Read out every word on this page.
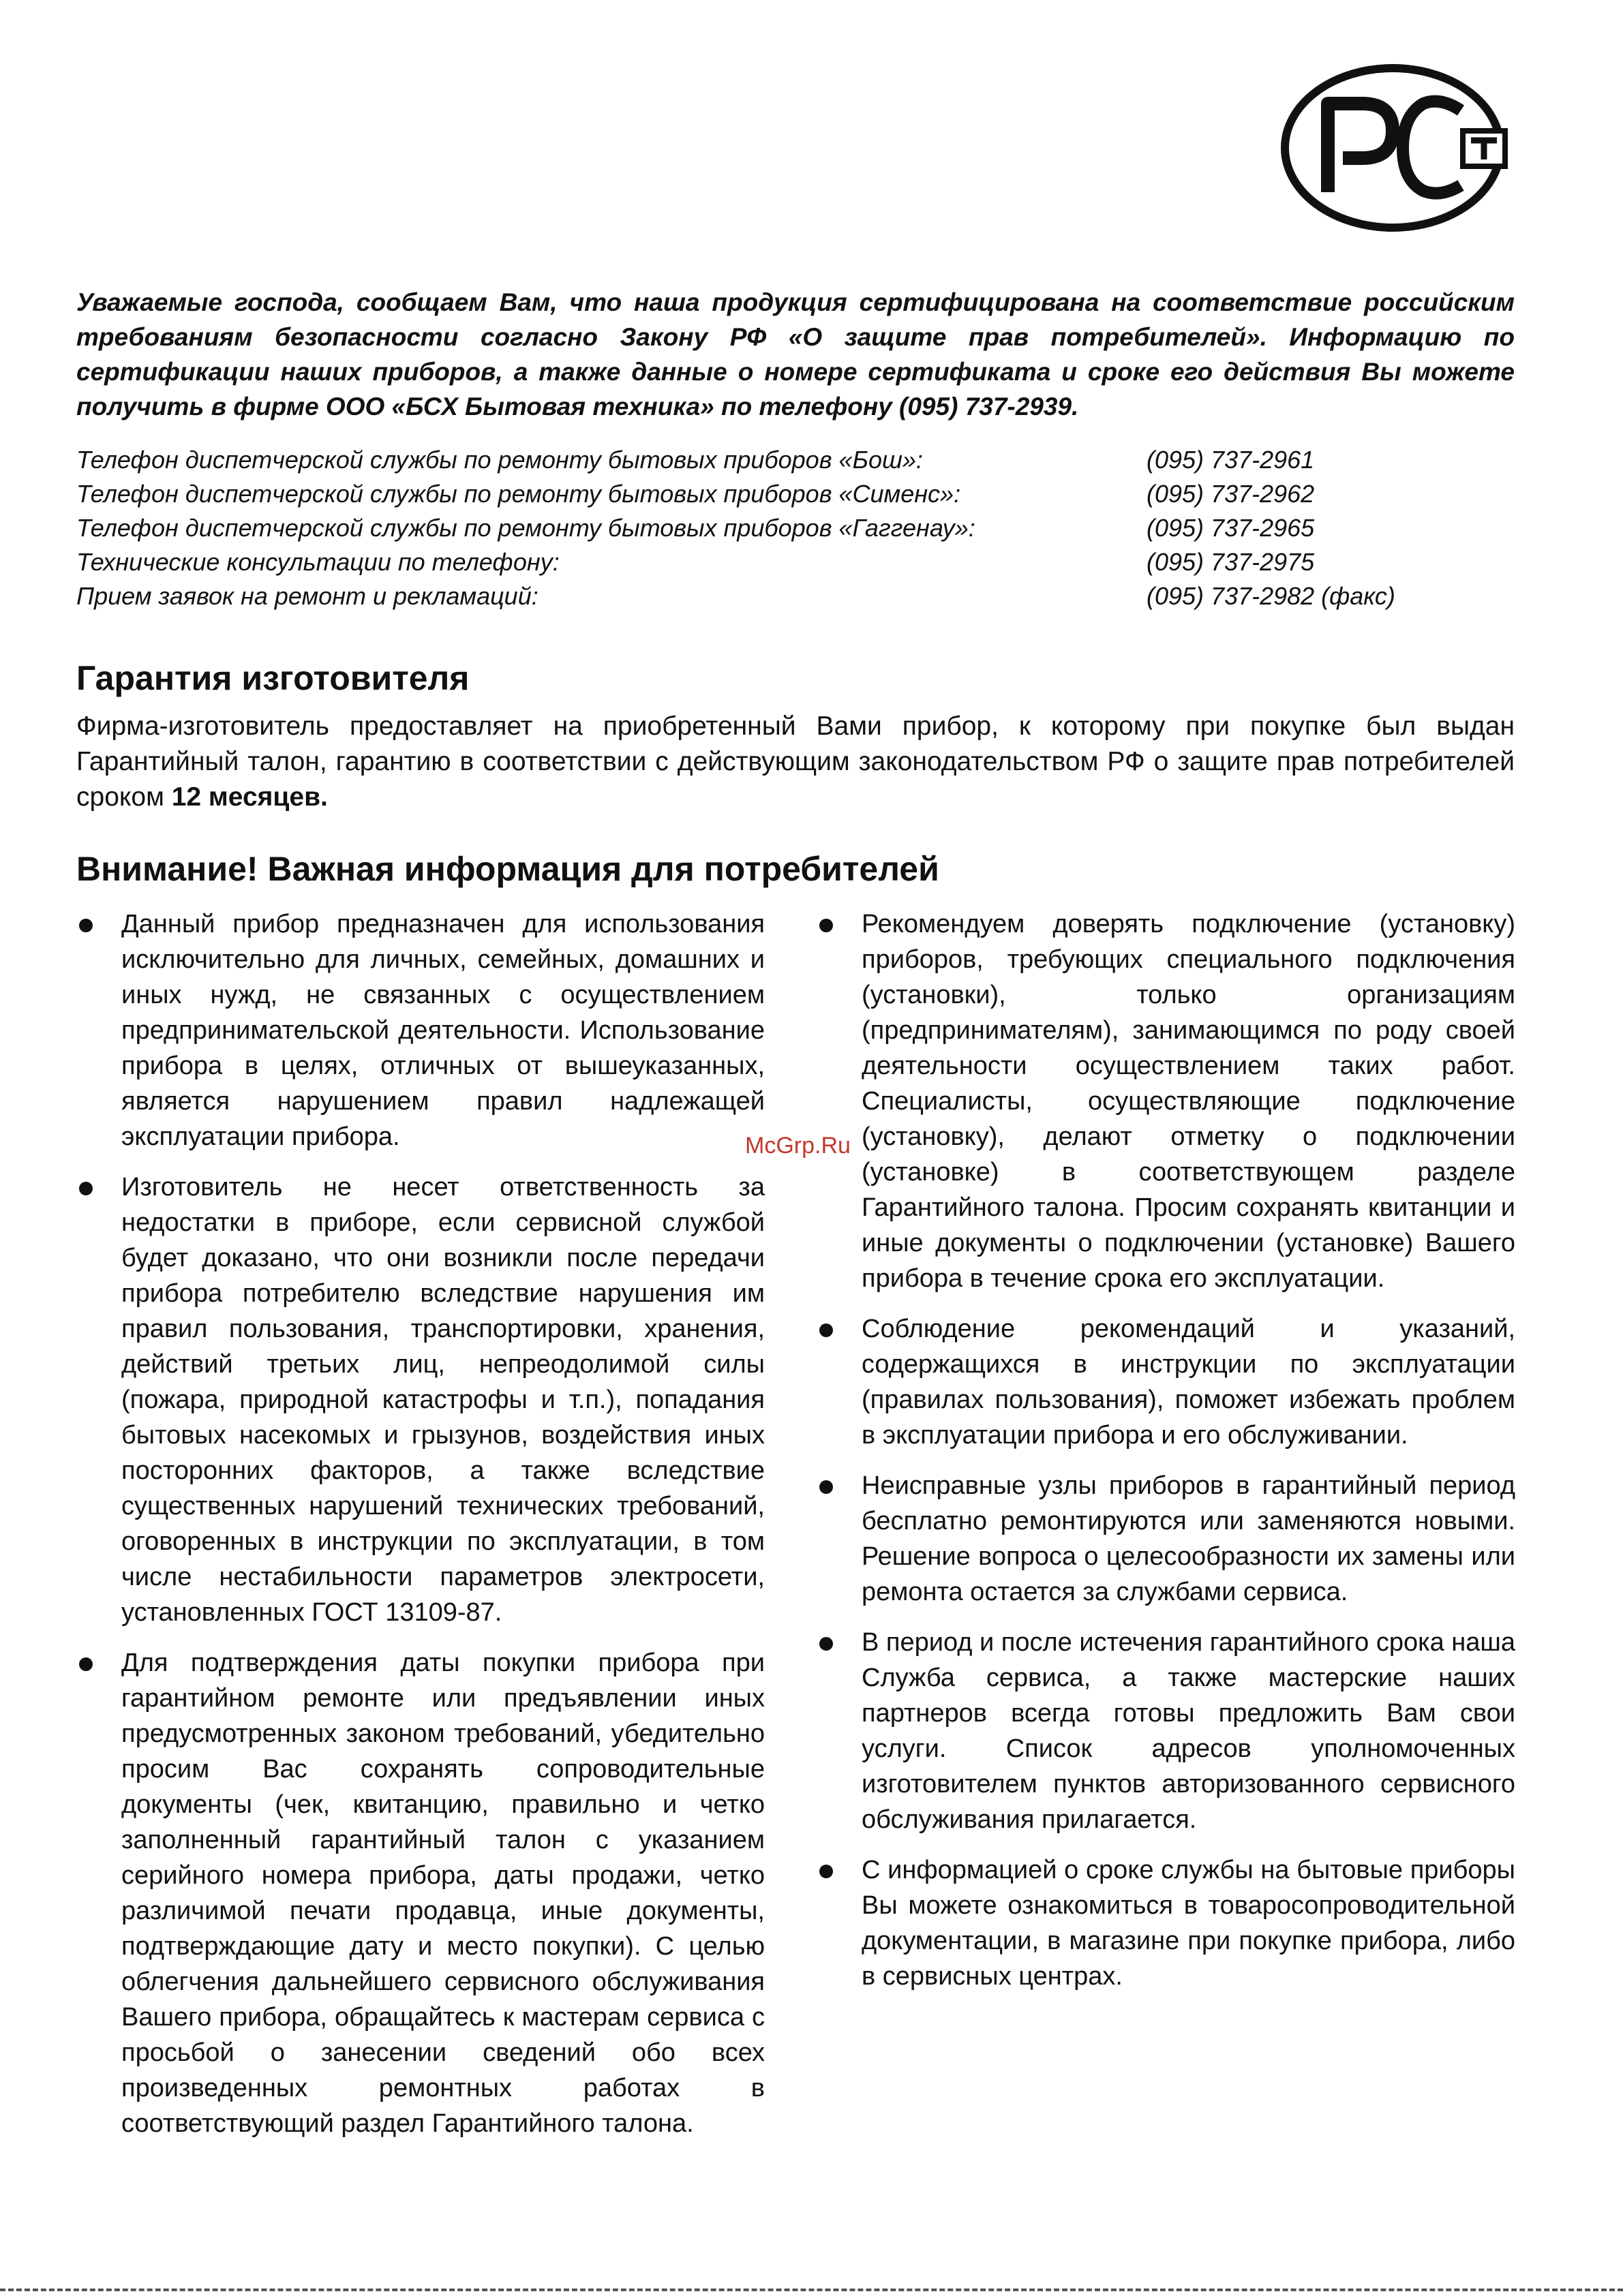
Уважаемые господа, сообщаем Вам, что наша продукция сертифицирована на соответствие российским требованиям безопасности согласно Закону РФ «О защите прав потребителей». Информацию по сертификации наших приборов, а также данные о номере сертификата и сроке его действия Вы можете получить в фирме ООО «БСХ Бытовая техника» по телефону (095) 737-2939.

Телефон диспетчерской службы по ремонту бытовых приборов «Бош»:	(095) 737-2961
Телефон диспетчерской службы по ремонту бытовых приборов «Сименс»:	(095) 737-2962
Телефон диспетчерской службы по ремонту бытовых приборов «Гаггенау»:	(095) 737-2965
Технические консультации по телефону:	(095) 737-2975
Прием заявок на ремонт и рекламаций:	(095) 737-2982 (факс)
Гарантия изготовителя

Фирма-изготовитель предоставляет на приобретенный Вами прибор, к которому при покупке был выдан Гарантийный талон, гарантию в соответствии с действующим законодательством РФ о защите прав потребителей сроком 12 месяцев.

Внимание! Важная информация для потребителей
Данный прибор предназначен для использования исключительно для личных, семейных, домашних и иных нужд, не связанных с осуществлением предпринимательской деятельности. Использование прибора в целях, отличных от вышеуказанных, является нарушением правил надлежащей эксплуатации прибора.
Изготовитель не несет ответственность за недостатки в приборе, если сервисной службой будет доказано, что они возникли после передачи прибора потребителю вследствие нарушения им правил пользования, транспортировки, хранения, действий третьих лиц, непреодолимой силы (пожара, природной катастрофы и т.п.), попадания бытовых насекомых и грызунов, воздействия иных посторонних факторов, а также вследствие существенных нарушений технических требований, оговоренных в инструкции по эксплуатации, в том числе нестабильности параметров электросети, установленных ГОСТ 13109-87.
Для подтверждения даты покупки прибора при гарантийном ремонте или предъявлении иных предусмотренных законом требований, убедительно просим Вас сохранять сопроводительные документы (чек, квитанцию, правильно и четко заполненный гарантийный талон с указанием серийного номера прибора, даты продажи, четко различимой печати продавца, иные документы, подтверждающие дату и место покупки). С целью облегчения дальнейшего сервисного обслуживания Вашего прибора, обращайтесь к мастерам сервиса с просьбой о занесении сведений обо всех произведенных ремонтных работах в соответствующий раздел Гарантийного талона.
Рекомендуем доверять подключение (установку) приборов, требующих специального подключения (установки), только организациям (предпринимателям), занимающимся по роду своей деятельности осуществлением таких работ. Специалисты, осуществляющие подключение (установку), делают отметку о подключении (установке) в соответствующем разделе Гарантийного талона. Просим сохранять квитанции и иные документы о подключении (установке) Вашего прибора в течение срока его эксплуатации.
Соблюдение рекомендаций и указаний, содержащихся в инструкции по эксплуатации (правилах пользования), поможет избежать проблем в эксплуатации прибора и его обслуживании.
Неисправные узлы приборов в гарантийный период бесплатно ремонтируются или заменяются новыми. Решение вопроса о целесообразности их замены или ремонта остается за службами сервиса.
В период и после истечения гарантийного срока наша Служба сервиса, а также мастерские наших партнеров всегда готовы предложить Вам свои услуги. Список адресов уполномоченных изготовителем пунктов авторизованного сервисного обслуживания прилагается.
С информацией о сроке службы на бытовые приборы Вы можете ознакомиться в товаросопроводительной документации, в магазине при покупке прибора, либо в сервисных центрах.
McGrp.Ru
